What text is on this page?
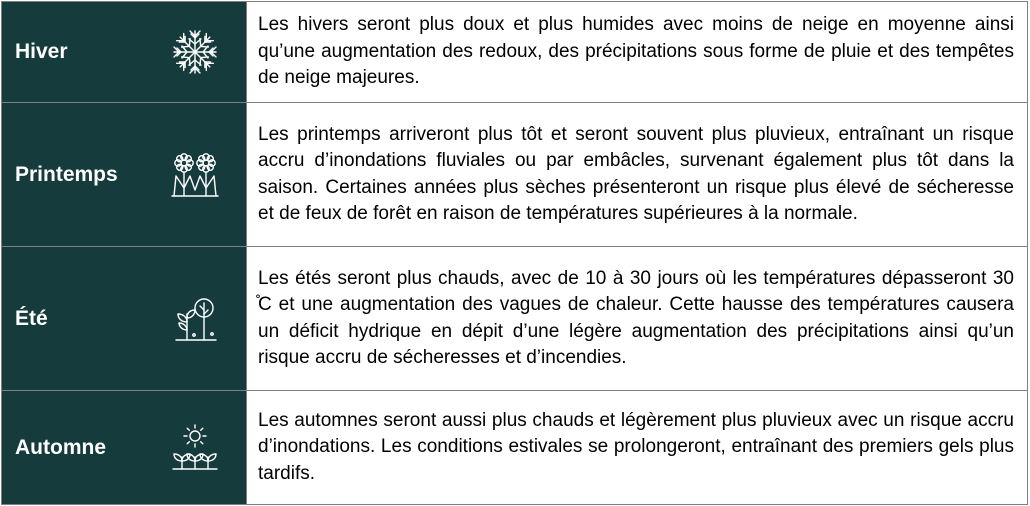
Hiver	Les hivers seront plus doux et plus humides avec moins de neige en moyenne ainsi qu’une augmentation des redoux, des précipitations sous forme de pluie et des tempêtes de neige majeures.

Printemps	Les printemps arriveront plus tôt et seront souvent plus pluvieux, entraînant un risque accru d’inondations fluviales ou par embâcles, survenant également plus tôt dans la saison. Certaines années plus sèches présenteront un risque plus élevé de sécheresse et de feux de forêt en raison de températures supérieures à la normale.

Été	Les étés seront plus chauds, avec de 10 à 30 jours où les températures dépasseront 30 ̊C et une augmentation des vagues de chaleur. Cette hausse des températures causera un déficit hydrique en dépit d’une légère augmentation des précipitations ainsi qu’un risque accru de sécheresses et d’incendies.

Automne	Les automnes seront aussi plus chauds et légèrement plus pluvieux avec un risque accru d’inondations. Les conditions estivales se prolongeront, entraînant des premiers gels plus tardifs.
